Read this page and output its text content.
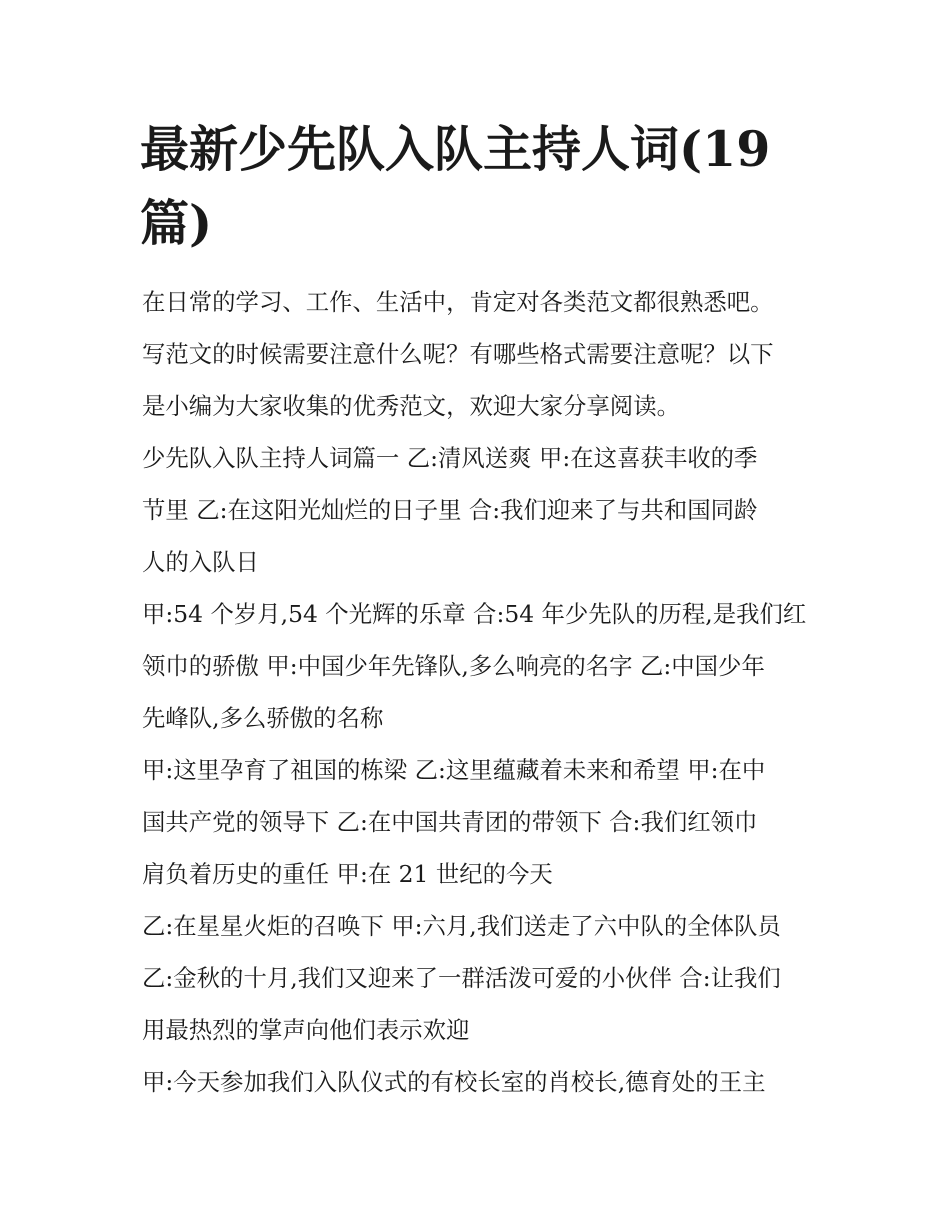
最新少先队入队主持人词(19
篇)

在日常的学习、工作、生活中，肯定对各类范文都很熟悉吧。
写范文的时候需要注意什么呢？有哪些格式需要注意呢？以下
是小编为大家收集的优秀范文，欢迎大家分享阅读。

少先队入队主持人词篇一 乙:清风送爽 甲:在这喜获丰收的季
节里 乙:在这阳光灿烂的日子里 合:我们迎来了与共和国同龄
人的入队日

甲:54 个岁月,54 个光辉的乐章 合:54 年少先队的历程,是我们红
领巾的骄傲 甲:中国少年先锋队,多么响亮的名字 乙:中国少年
先峰队,多么骄傲的名称

甲:这里孕育了祖国的栋梁 乙:这里蕴藏着未来和希望 甲:在中
国共产党的领导下 乙:在中国共青团的带领下 合:我们红领巾
肩负着历史的重任 甲:在 21 世纪的今天

乙:在星星火炬的召唤下 甲:六月,我们送走了六中队的全体队员
乙:金秋的十月,我们又迎来了一群活泼可爱的小伙伴 合:让我们
用最热烈的掌声向他们表示欢迎

甲:今天参加我们入队仪式的有校长室的肖校长,德育处的王主
